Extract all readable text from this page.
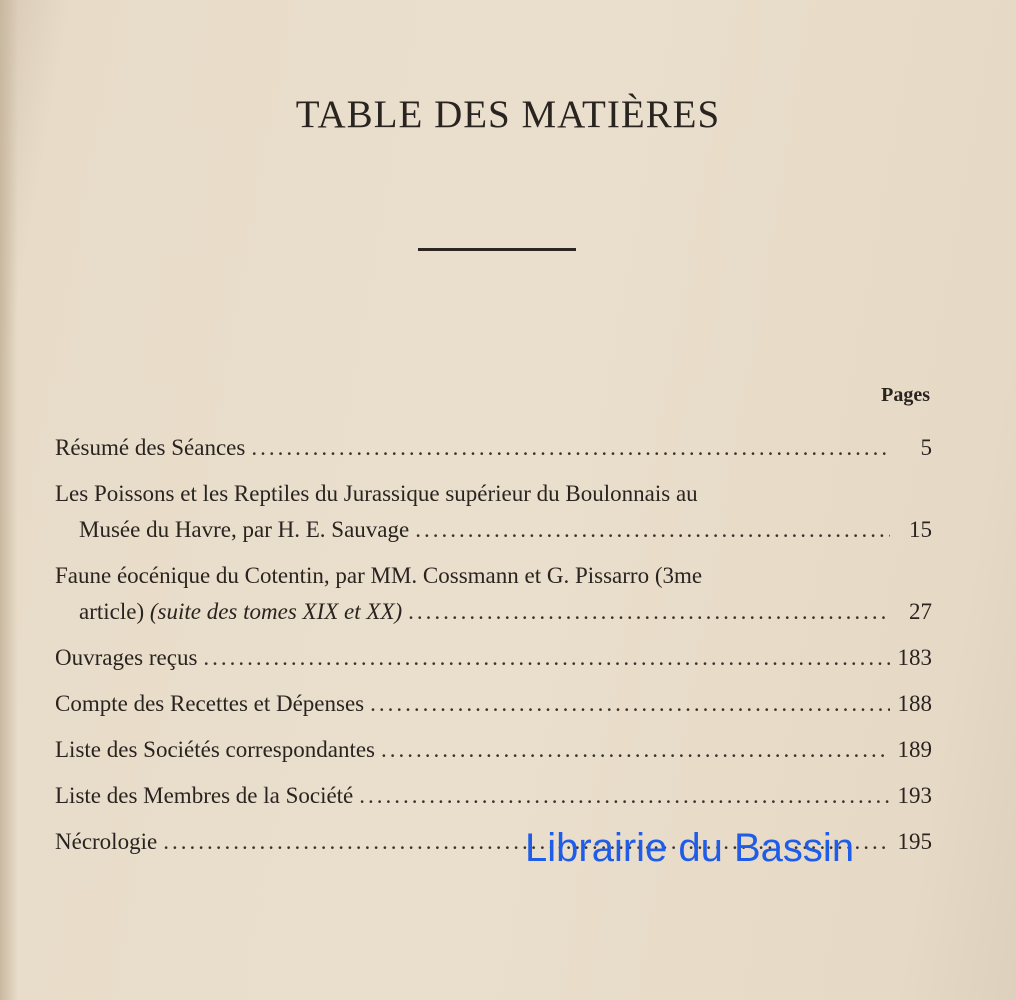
TABLE DES MATIÈRES
Pages
Résumé des Séances .....	5
Les Poissons et les Reptiles du Jurassique supérieur du Boulonnais au
Musée du Havre, par H. E. Sauvage .....	15
Faune éocénique du Cotentin, par MM. Cossmann et G. Pissarro (3me
article) (suite des tomes XIX et XX) .....	27
Ouvrages reçus .....	183
Compte des Recettes et Dépenses .....	188
Liste des Sociétés correspondantes .....	189
Liste des Membres de la Société .....	193
Nécrologie .....	195
Librairie du Bassin
